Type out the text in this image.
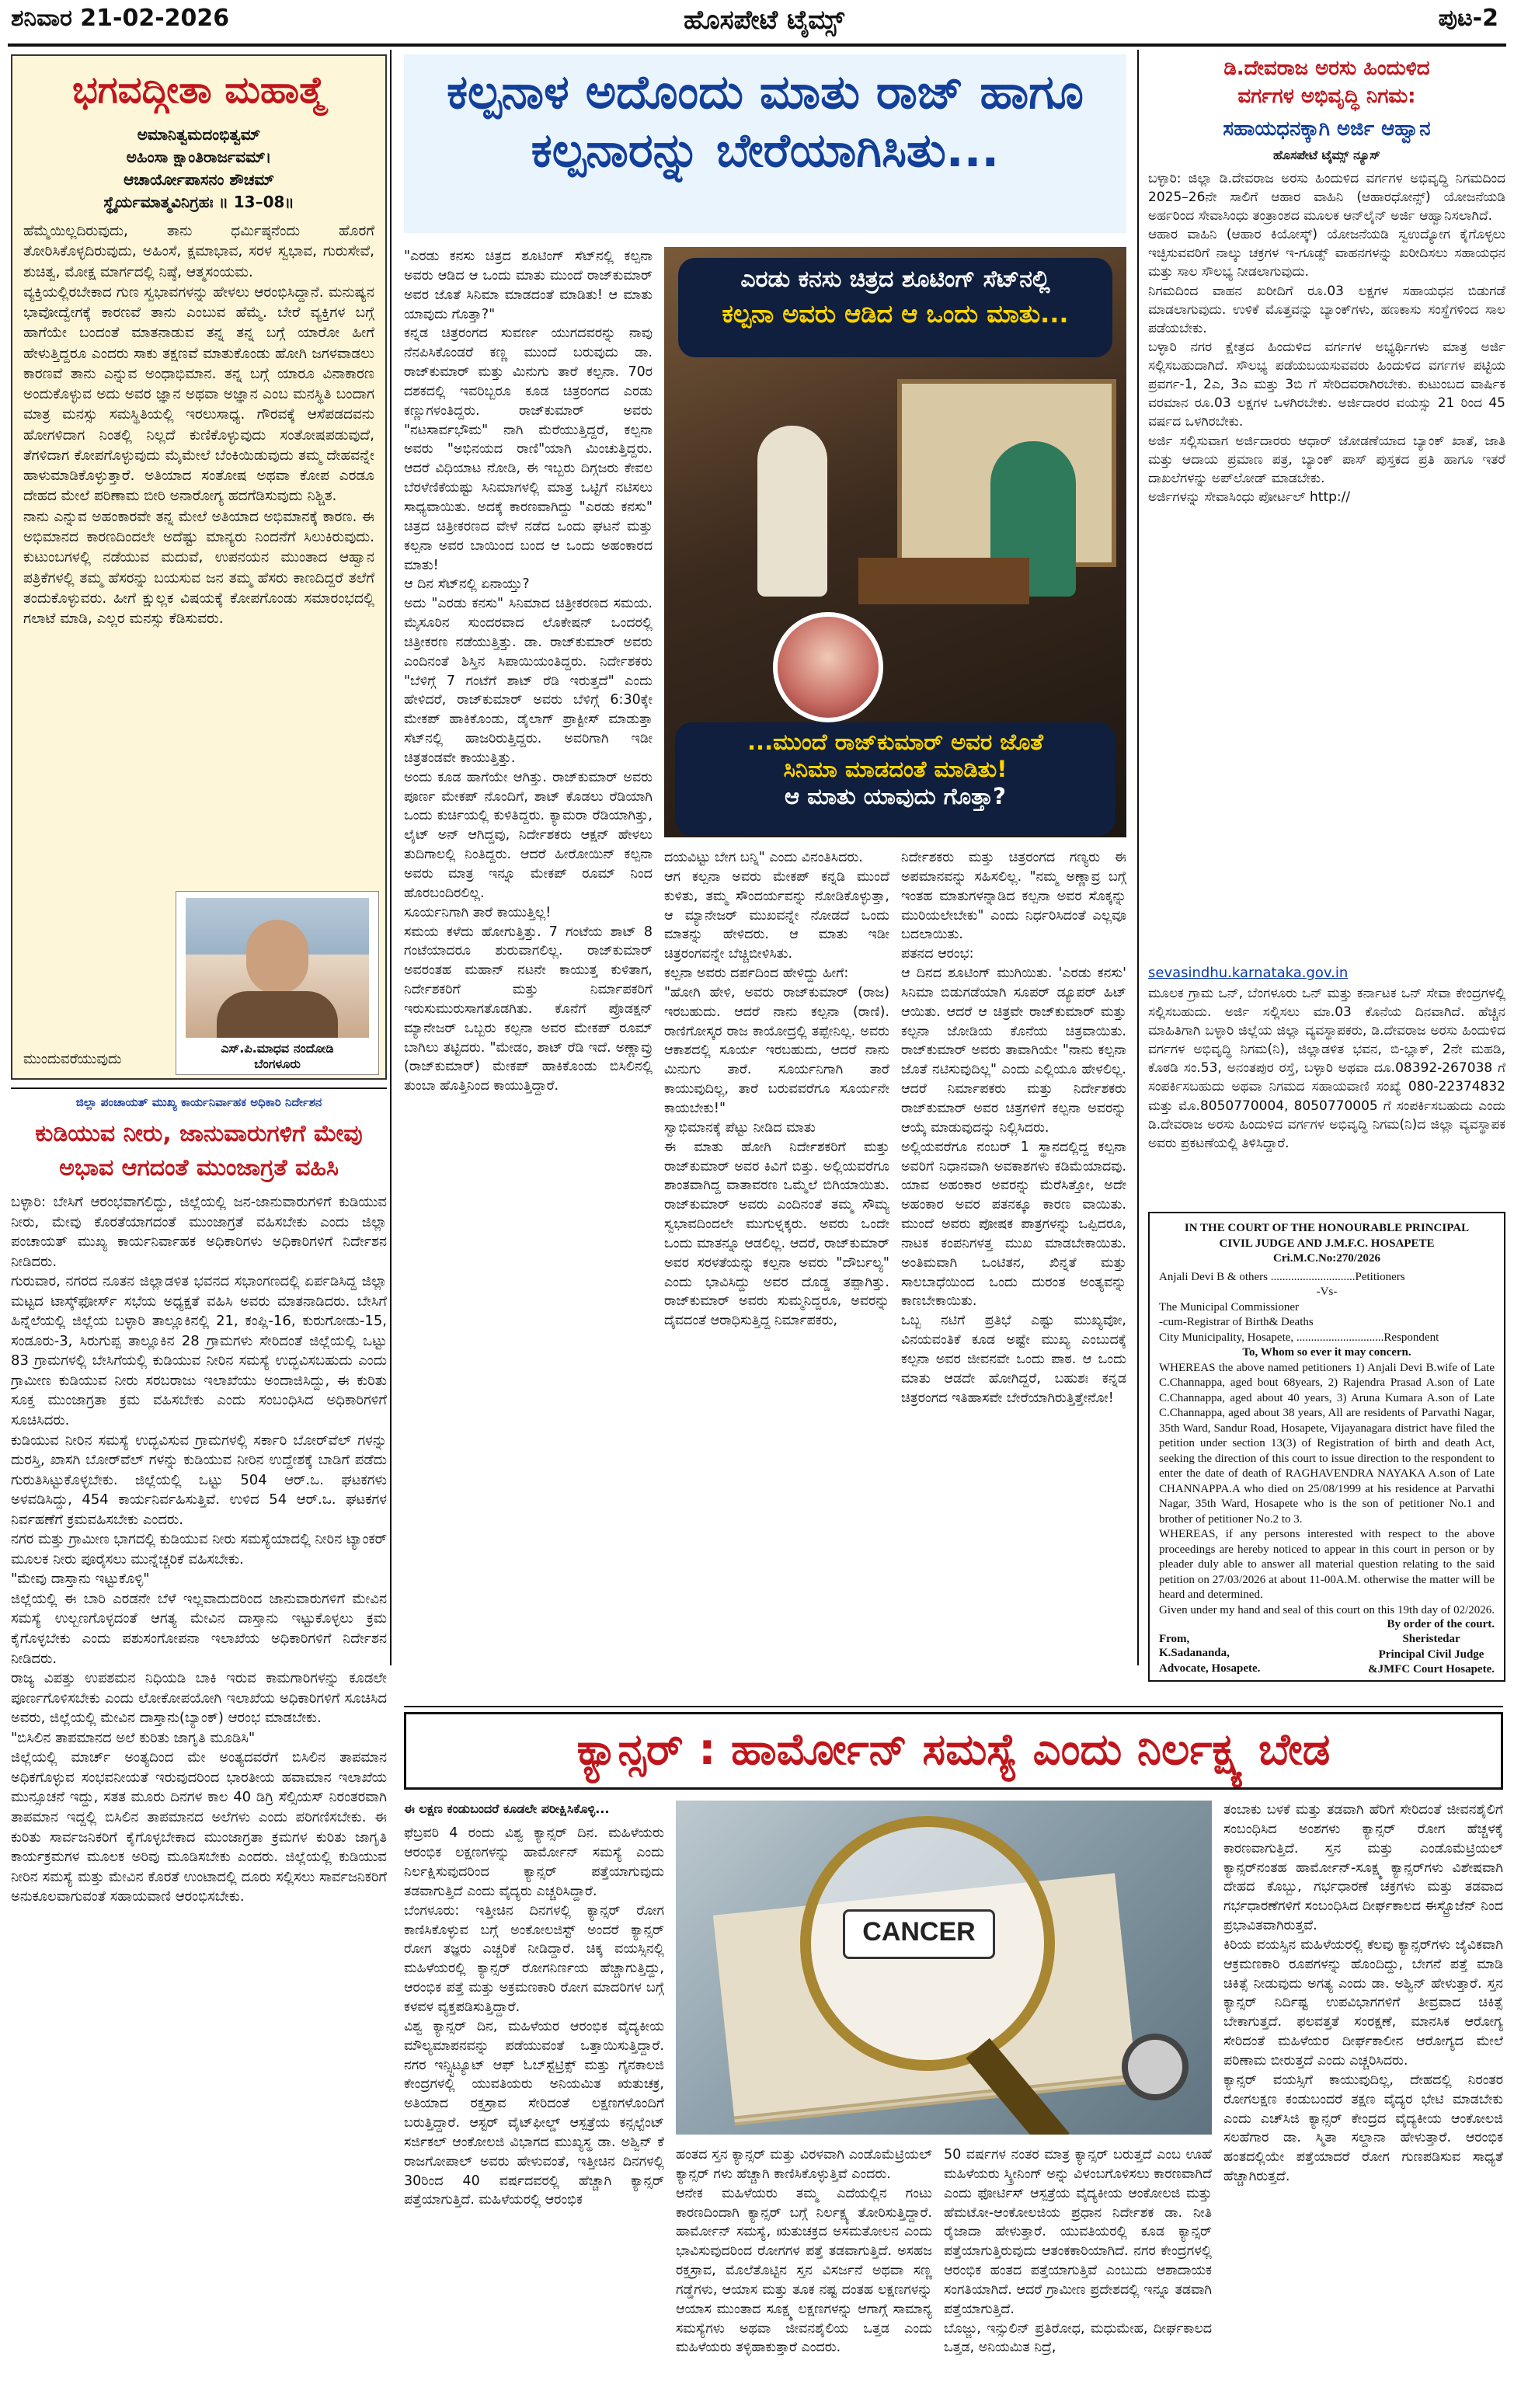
ಶನಿವಾರ 21-02-2026	ಹೊಸಪೇಟೆ ಟೈಮ್ಸ್	ಪುಟ-2
ಭಗವದ್ಗೀತಾ ಮಹಾತ್ಮೆ
ಅಮಾನಿತ್ವಮದಂಭಿತ್ವಮ್
ಅಹಿಂಸಾ ಕ್ಷಾಂತಿರಾರ್ಜವಮ್।
ಆಚಾರ್ಯೋಪಾಸನಂ ಶೌಚಮ್
ಸ್ಥೈರ್ಯಮಾತ್ಮವಿನಿಗ್ರಹಃ ॥ 13–08॥
ಹೆಮ್ಮೆಯಿಲ್ಲದಿರುವುದು, ತಾನು ಧರ್ಮಿಷ್ಠನೆಂದು ಹೊರಗೆ ತೋರಿಸಿಕೊಳ್ಳದಿರುವುದು, ಅಹಿಂಸೆ, ಕ್ಷಮಾಭಾವ, ಸರಳ ಸ್ವಭಾವ, ಗುರುಸೇವೆ, ಶುಚಿತ್ವ, ಮೋಕ್ಷ ಮಾರ್ಗದಲ್ಲಿ ನಿಷ್ಠೆ, ಆತ್ಮಸಂಯಮ.
ವ್ಯಕ್ತಿಯಲ್ಲಿರಬೇಕಾದ ಗುಣ ಸ್ವಭಾವಗಳನ್ನು ಹೇಳಲು ಆರಂಭಿಸಿದ್ದಾನೆ. ಮನುಷ್ಯನ ಭಾವೋದ್ವೇಗಕ್ಕೆ ಕಾರಣವೆ ತಾನು ಎಂಬುವ ಹೆಮ್ಮೆ. ಬೇರೆ ವ್ಯಕ್ತಿಗಳ ಬಗ್ಗೆ ಹಾಗೆಯೇ ಬಂದಂತೆ ಮಾತನಾಡುವ ತನ್ನ ತನ್ನ ಬಗ್ಗೆ ಯಾರೋ ಹೀಗೆ ಹೇಳುತ್ತಿದ್ದರೂ ಎಂದರು ಸಾಕು ತಕ್ಷಣವೆ ಮಾತುಕೊಂಡು ಹೋಗಿ ಜಗಳವಾಡಲು ಕಾರಣವೆ ತಾನು ಎನ್ನುವ ಅಂಧಾಭಿಮಾನ. ತನ್ನ ಬಗ್ಗೆ ಯಾರೂ ವಿನಾಕಾರಣ ಅಂದುಕೊಳ್ಳುವ ಅದು ಅವರ ಜ್ಞಾನ ಅಥವಾ ಅಜ್ಞಾನ ಎಂಬ ಮನಸ್ಥಿತಿ ಬಂದಾಗ ಮಾತ್ರ ಮನಸ್ಸು ಸಮಸ್ಥಿತಿಯಲ್ಲಿ ಇರಲುಸಾಧ್ಯ. ಗೌರವಕ್ಕೆ ಆಸೆಪಡದವನು ಹೋಗಳಿದಾಗ ನಿಂತಲ್ಲಿ ನಿಲ್ಲದೆ ಕುಣಿಕೊಳ್ಳುವುದು ಸಂತೋಷಪಡುವುದೆ, ತೆಗಳಿದಾಗ ಕೋಪಗೊಳ್ಳುವುದು ಮೈಮೇಲೆ ಬೆಂಕಿಯಿಡುವುದು ತಮ್ಮ ದೇಹವನ್ನೇ ಹಾಳುಮಾಡಿಕೊಳ್ಳುತ್ತಾರೆ. ಅತಿಯಾದ ಸಂತೋಷ ಅಥವಾ ಕೋಪ ಎರಡೂ ದೇಹದ ಮೇಲೆ ಪರಿಣಾಮ ಬೀರಿ ಅನಾರೋಗ್ಯ ಹದಗೆಡಿಸುವುದು ನಿಶ್ಚಿತ.
ನಾನು ಎನ್ನುವ ಅಹಂಕಾರವೇ ತನ್ನ ಮೇಲೆ ಅತಿಯಾದ ಅಭಿಮಾನಕ್ಕೆ ಕಾರಣ. ಈ ಅಭಿಮಾನದ ಕಾರಣದಿಂದಲೇ ಅದೆಷ್ಟು ಮಾನ್ಯರು ನಿಂದನೆಗೆ ಸಿಲುಕಿರುವುದು. ಕುಟುಂಬಗಳಲ್ಲಿ ನಡೆಯುವ ಮದುವೆ, ಉಪನಯನ ಮುಂತಾದ ಆಹ್ವಾನ ಪತ್ರಿಕೆಗಳಲ್ಲಿ ತಮ್ಮ ಹೆಸರನ್ನು ಬಯಸುವ ಜನ ತಮ್ಮ ಹೆಸರು ಕಾಣದಿದ್ದರೆ ತಲೆಗೆ ತಂದುಕೊಳ್ಳುವರು. ಹೀಗೆ ಕ್ಷುಲ್ಲಕ ವಿಷಯಕ್ಕೆ ಕೋಪಗೊಂಡು ಸಮಾರಂಭದಲ್ಲಿ ಗಲಾಟೆ ಮಾಡಿ, ಎಲ್ಲರ ಮನಸ್ಸು ಕೆಡಿಸುವರು.
ಎಸ್.ಪಿ.ಮಾಧವ ನಂದೋಡಿ
ಬೆಂಗಳೂರು
ಮುಂದುವರೆಯುವುದು
ಜಿಲ್ಲಾ ಪಂಚಾಯತ್ ಮುಖ್ಯ ಕಾರ್ಯನಿರ್ವಾಹಕ ಅಧಿಕಾರಿ ನಿರ್ದೇಶನ
ಕುಡಿಯುವ ನೀರು, ಜಾನುವಾರುಗಳಿಗೆ ಮೇವು ಅಭಾವ ಆಗದಂತೆ ಮುಂಜಾಗ್ರತೆ ವಹಿಸಿ
ಬಳ್ಳಾರಿ: ಬೇಸಿಗೆ ಆರಂಭವಾಗಲಿದ್ದು, ಜಿಲ್ಲೆಯಲ್ಲಿ ಜನ-ಜಾನುವಾರುಗಳಿಗೆ ಕುಡಿಯುವ ನೀರು, ಮೇವು ಕೊರತೆಯಾಗದಂತೆ ಮುಂಜಾಗ್ರತೆ ವಹಿಸಬೇಕು ಎಂದು ಜಿಲ್ಲಾ ಪಂಚಾಯತ್ ಮುಖ್ಯ ಕಾರ್ಯನಿರ್ವಾಹಕ ಅಧಿಕಾರಿಗಳು ಅಧಿಕಾರಿಗಳಿಗೆ ನಿರ್ದೇಶನ ನೀಡಿದರು.
ಗುರುವಾರ, ನಗರದ ನೂತನ ಜಿಲ್ಲಾಡಳಿತ ಭವನದ ಸಭಾಂಗಣದಲ್ಲಿ ಏರ್ಪಡಿಸಿದ್ದ ಜಿಲ್ಲಾ ಮಟ್ಟದ ಟಾಸ್ಕ್‌ಫೋರ್ಸ್ ಸಭೆಯ ಅಧ್ಯಕ್ಷತೆ ವಹಿಸಿ ಅವರು ಮಾತನಾಡಿದರು. ಬೇಸಿಗೆ ಹಿನ್ನೆಲೆಯಲ್ಲಿ ಜಿಲ್ಲೆಯ ಬಳ್ಳಾರಿ ತಾಲ್ಲೂಕಿನಲ್ಲಿ 21, ಕಂಪ್ಲಿ-16, ಕುರುಗೋಡು-15, ಸಂಡೂರು-3, ಸಿರುಗುಪ್ಪ ತಾಲ್ಲೂಕಿನ 28 ಗ್ರಾಮಗಳು ಸೇರಿದಂತೆ ಜಿಲ್ಲೆಯಲ್ಲಿ ಒಟ್ಟು 83 ಗ್ರಾಮಗಳಲ್ಲಿ ಬೇಸಿಗೆಯಲ್ಲಿ ಕುಡಿಯುವ ನೀರಿನ ಸಮಸ್ಯೆ ಉದ್ಭವಿಸಬಹುದು ಎಂದು ಗ್ರಾಮೀಣ ಕುಡಿಯುವ ನೀರು ಸರಬರಾಜು ಇಲಾಖೆಯು ಅಂದಾಜಿಸಿದ್ದು, ಈ ಕುರಿತು ಸೂಕ್ತ ಮುಂಜಾಗ್ರತಾ ಕ್ರಮ ವಹಿಸಬೇಕು ಎಂದು ಸಂಬಂಧಿಸಿದ ಅಧಿಕಾರಿಗಳಿಗೆ ಸೂಚಿಸಿದರು.
ಕುಡಿಯುವ ನೀರಿನ ಸಮಸ್ಯೆ ಉದ್ಭವಿಸುವ ಗ್ರಾಮಗಳಲ್ಲಿ ಸರ್ಕಾರಿ ಬೋರ್‌ವೆಲ್ ಗಳನ್ನು ದುರಸ್ತಿ, ಖಾಸಗಿ ಬೋರ್‌ವೆಲ್ ಗಳನ್ನು ಕುಡಿಯುವ ನೀರಿನ ಉದ್ದೇಶಕ್ಕೆ ಬಾಡಿಗೆ ಪಡೆದು ಗುರುತಿಸಿಟ್ಟುಕೊಳ್ಳಬೇಕು. ಜಿಲ್ಲೆಯಲ್ಲಿ ಒಟ್ಟು 504 ಆರ್.ಒ. ಘಟಕಗಳು ಅಳವಡಿಸಿದ್ದು, 454 ಕಾರ್ಯನಿರ್ವಹಿಸುತ್ತಿವೆ. ಉಳಿದ 54 ಆರ್.ಒ. ಘಟಕಗಳ ನಿರ್ವಹಣೆಗೆ ಕ್ರಮವಹಿಸಬೇಕು ಎಂದರು.
ನಗರ ಮತ್ತು ಗ್ರಾಮೀಣ ಭಾಗದಲ್ಲಿ ಕುಡಿಯುವ ನೀರು ಸಮಸ್ಯೆಯಾದಲ್ಲಿ ನೀರಿನ ಟ್ಯಾಂಕರ್ ಮೂಲಕ ನೀರು ಪೂರೈಸಲು ಮುನ್ನೆಚ್ಚರಿಕೆ ವಹಿಸಬೇಕು.
"ಮೇವು ದಾಸ್ತಾನು ಇಟ್ಟುಕೊಳ್ಳಿ"
ಜಿಲ್ಲೆಯಲ್ಲಿ ಈ ಬಾರಿ ಎರಡನೇ ಬೆಳೆ ಇಲ್ಲವಾದುದರಿಂದ ಜಾನುವಾರುಗಳಿಗೆ ಮೇವಿನ ಸಮಸ್ಯೆ ಉಲ್ಬಣಗೊಳ್ಳದಂತೆ ಆಗತ್ಯ ಮೇವಿನ ದಾಸ್ತಾನು ಇಟ್ಟುಕೊಳ್ಳಲು ಕ್ರಮ ಕೈಗೊಳ್ಳಬೇಕು ಎಂದು ಪಶುಸಂಗೋಪನಾ ಇಲಾಖೆಯ ಅಧಿಕಾರಿಗಳಿಗೆ ನಿರ್ದೇಶನ ನೀಡಿದರು.
ರಾಜ್ಯ ವಿಪತ್ತು ಉಪಶಮನ ನಿಧಿಯಡಿ ಬಾಕಿ ಇರುವ ಕಾಮಗಾರಿಗಳನ್ನು ಕೂಡಲೇ ಪೂರ್ಣಗೊಳಿಸಬೇಕು ಎಂದು ಲೋಕೋಪಯೋಗಿ ಇಲಾಖೆಯ ಅಧಿಕಾರಿಗಳಿಗೆ ಸೂಚಿಸಿದ ಅವರು, ಜಿಲ್ಲೆಯಲ್ಲಿ ಮೇವಿನ ದಾಸ್ತಾನು(ಬ್ಯಾಂಕ್) ಆರಂಭ ಮಾಡಬೇಕು.
"ಬಿಸಿಲಿನ ತಾಪಮಾನದ ಅಲೆ ಕುರಿತು ಜಾಗೃತಿ ಮೂಡಿಸಿ"
ಜಿಲ್ಲೆಯಲ್ಲಿ ಮಾರ್ಚ್ ಅಂತ್ಯದಿಂದ ಮೇ ಅಂತ್ಯದವರೆಗೆ ಬಿಸಿಲಿನ ತಾಪಮಾನ ಅಧಿಕಗೊಳ್ಳುವ ಸಂಭವನೀಯತೆ ಇರುವುದರಿಂದ ಭಾರತೀಯ ಹವಾಮಾನ ಇಲಾಖೆಯ ಮುನ್ಸೂಚನೆ ಇದ್ದು, ಸತತ ಮೂರು ದಿನಗಳ ಕಾಲ 40 ಡಿಗ್ರಿ ಸೆಲ್ಸಿಯಸ್ ನಿರಂತರವಾಗಿ ತಾಪಮಾನ ಇದ್ದಲ್ಲಿ ಬಿಸಿಲಿನ ತಾಪಮಾನದ ಅಲೆಗಳು ಎಂದು ಪರಿಗಣಿಸಬೇಕು. ಈ ಕುರಿತು ಸಾರ್ವಜನಿಕರಿಗೆ ಕೈಗೊಳ್ಳಬೇಕಾದ ಮುಂಜಾಗ್ರತಾ ಕ್ರಮಗಳ ಕುರಿತು ಜಾಗೃತಿ ಕಾರ್ಯಕ್ರಮಗಳ ಮೂಲಕ ಅರಿವು ಮೂಡಿಸಬೇಕು ಎಂದರು. ಜಿಲ್ಲೆಯಲ್ಲಿ ಕುಡಿಯುವ ನೀರಿನ ಸಮಸ್ಯೆ ಮತ್ತು ಮೇವಿನ ಕೊರತೆ ಉಂಟಾದಲ್ಲಿ ದೂರು ಸಲ್ಲಿಸಲು ಸಾರ್ವಜನಿಕರಿಗೆ ಅನುಕೂಲವಾಗುವಂತೆ ಸಹಾಯವಾಣಿ ಆರಂಭಿಸಬೇಕು.
ಕಲ್ಪನಾಳ ಅದೊಂದು ಮಾತು ರಾಜ್ ಹಾಗೂ ಕಲ್ಪನಾರನ್ನು ಬೇರೆಯಾಗಿಸಿತು...
"ಎರಡು ಕನಸು ಚಿತ್ರದ ಶೂಟಿಂಗ್ ಸೆಟ್‌ನಲ್ಲಿ ಕಲ್ಪನಾ ಅವರು ಆಡಿದ ಆ ಒಂದು ಮಾತು ಮುಂದೆ ರಾಜ್‌ಕುಮಾರ್ ಅವರ ಜೊತೆ ಸಿನಿಮಾ ಮಾಡದಂತೆ ಮಾಡಿತು! ಆ ಮಾತು ಯಾವುದು ಗೊತ್ತಾ?"
ಕನ್ನಡ ಚಿತ್ರರಂಗದ ಸುವರ್ಣ ಯುಗದವರನ್ನು ನಾವು ನೆನಪಿಸಿಕೊಂಡರೆ ಕಣ್ಣ ಮುಂದೆ ಬರುವುದು ಡಾ. ರಾಜ್‌ಕುಮಾರ್ ಮತ್ತು ಮಿನುಗು ತಾರೆ ಕಲ್ಪನಾ. 70ರ ದಶಕದಲ್ಲಿ ಇವರಿಬ್ಬರೂ ಕೂಡ ಚಿತ್ರರಂಗದ ಎರಡು ಕಣ್ಣುಗಳಂತಿದ್ದರು. ರಾಜ್‌ಕುಮಾರ್ ಅವರು "ನಟಸಾರ್ವಭೌಮ" ನಾಗಿ ಮೆರೆಯುತ್ತಿದ್ದರೆ, ಕಲ್ಪನಾ ಅವರು "ಅಭಿನಯದ ರಾಣಿ"ಯಾಗಿ ಮಿಂಚುತ್ತಿದ್ದರು. ಆದರೆ ವಿಧಿಯಾಟ ನೋಡಿ, ಈ ಇಬ್ಬರು ದಿಗ್ಗಜರು ಕೇವಲ ಬೆರಳೆಣಿಕೆಯಷ್ಟು ಸಿನಿಮಾಗಳಲ್ಲಿ ಮಾತ್ರ ಒಟ್ಟಿಗೆ ನಟಿಸಲು ಸಾಧ್ಯವಾಯಿತು. ಅದಕ್ಕೆ ಕಾರಣವಾಗಿದ್ದು "ಎರಡು ಕನಸು" ಚಿತ್ರದ ಚಿತ್ರೀಕರಣದ ವೇಳೆ ನಡೆದ ಒಂದು ಘಟನೆ ಮತ್ತು ಕಲ್ಪನಾ ಅವರ ಬಾಯಿಂದ ಬಂದ ಆ ಒಂದು ಅಹಂಕಾರದ ಮಾತು!
ಆ ದಿನ ಸೆಟ್‌ನಲ್ಲಿ ಏನಾಯ್ತು?
ಅದು "ಎರಡು ಕನಸು" ಸಿನಿಮಾದ ಚಿತ್ರೀಕರಣದ ಸಮಯ. ಮೈಸೂರಿನ ಸುಂದರವಾದ ಲೊಕೇಷನ್ ಒಂದರಲ್ಲಿ ಚಿತ್ರೀಕರಣ ನಡೆಯುತ್ತಿತ್ತು. ಡಾ. ರಾಜ್‌ಕುಮಾರ್ ಅವರು ಎಂದಿನಂತೆ ಶಿಸ್ತಿನ ಸಿಪಾಯಿಯಂತಿದ್ದರು. ನಿರ್ದೇಶಕರು "ಬೆಳಿಗ್ಗೆ 7 ಗಂಟೆಗೆ ಶಾಟ್ ರೆಡಿ ಇರುತ್ತದೆ" ಎಂದು ಹೇಳಿದರೆ, ರಾಜ್‌ಕುಮಾರ್ ಅವರು ಬೆಳಿಗ್ಗೆ 6:30ಕ್ಕೇ ಮೇಕಪ್ ಹಾಕಿಕೊಂಡು, ಡೈಲಾಗ್ ಪ್ರಾಕ್ಟೀಸ್ ಮಾಡುತ್ತಾ ಸೆಟ್‌ನಲ್ಲಿ ಹಾಜರಿರುತ್ತಿದ್ದರು. ಅವರಿಗಾಗಿ ಇಡೀ ಚಿತ್ರತಂಡವೇ ಕಾಯುತ್ತಿತ್ತು.
ಅಂದು ಕೂಡ ಹಾಗೆಯೇ ಆಗಿತ್ತು. ರಾಜ್‌ಕುಮಾರ್ ಅವರು ಪೂರ್ಣ ಮೇಕಪ್ ನೊಂದಿಗೆ, ಶಾಟ್ ಕೊಡಲು ರೆಡಿಯಾಗಿ ಒಂದು ಕುರ್ಚಿಯಲ್ಲಿ ಕುಳಿತಿದ್ದರು. ಕ್ಯಾಮರಾ ರೆಡಿಯಾಗಿತ್ತು, ಲೈಟ್ ಅನ್ ಆಗಿದ್ದವು, ನಿರ್ದೇಶಕರು ಆಕ್ಷನ್ ಹೇಳಲು ತುದಿಗಾಲಲ್ಲಿ ನಿಂತಿದ್ದರು. ಆದರೆ ಹೀರೋಯಿನ್ ಕಲ್ಪನಾ ಅವರು ಮಾತ್ರ ಇನ್ನೂ ಮೇಕಪ್ ರೂಮ್ ನಿಂದ ಹೊರಬಂದಿರಲಿಲ್ಲ.
ಸೂರ್ಯನಿಗಾಗಿ ತಾರೆ ಕಾಯುತ್ತಿಲ್ಲ!
ಸಮಯ ಕಳೆದು ಹೋಗುತ್ತಿತ್ತು. 7 ಗಂಟೆಯ ಶಾಟ್ 8 ಗಂಟೆಯಾದರೂ ಶುರುವಾಗಲಿಲ್ಲ. ರಾಜ್‌ಕುಮಾರ್ ಅವರಂತಹ ಮಹಾನ್ ನಟನೇ ಕಾಯುತ್ತ ಕುಳಿತಾಗ, ನಿರ್ದೇಶಕರಿಗೆ ಮತ್ತು ನಿರ್ಮಾಪಕರಿಗೆ ಇರುಸುಮುರುಸಾಗತೊಡಗಿತು. ಕೊನೆಗೆ ಪ್ರೊಡಕ್ಷನ್ ಮ್ಯಾನೇಜರ್ ಒಬ್ಬರು ಕಲ್ಪನಾ ಅವರ ಮೇಕಪ್ ರೂಮ್ ಬಾಗಿಲು ತಟ್ಟಿದರು. "ಮೇಡಂ, ಶಾಟ್ ರೆಡಿ ಇದೆ. ಅಣ್ಣಾವ್ರು (ರಾಜ್‌ಕುಮಾರ್) ಮೇಕಪ್ ಹಾಕಿಕೊಂಡು ಬಿಸಿಲಿನಲ್ಲಿ ತುಂಬಾ ಹೊತ್ತಿನಿಂದ ಕಾಯುತ್ತಿದ್ದಾರೆ.
ಎರಡು ಕನಸು ಚಿತ್ರದ ಶೂಟಿಂಗ್ ಸೆಟ್‌ನಲ್ಲಿ
ಕಲ್ಪನಾ ಅವರು ಆಡಿದ ಆ ಒಂದು ಮಾತು...
...ಮುಂದೆ ರಾಜ್‌ಕುಮಾರ್ ಅವರ ಜೊತೆ
ಸಿನಿಮಾ ಮಾಡದಂತೆ ಮಾಡಿತು!
ಆ ಮಾತು ಯಾವುದು ಗೊತ್ತಾ?
ದಯವಿಟ್ಟು ಬೇಗ ಬನ್ನಿ" ಎಂದು ವಿನಂತಿಸಿದರು.
ಆಗ ಕಲ್ಪನಾ ಅವರು ಮೇಕಪ್ ಕನ್ನಡಿ ಮುಂದೆ ಕುಳಿತು, ತಮ್ಮ ಸೌಂದರ್ಯವನ್ನು ನೋಡಿಕೊಳ್ಳುತ್ತಾ, ಆ ಮ್ಯಾನೇಜರ್ ಮುಖವನ್ನೇ ನೋಡದೆ ಒಂದು ಮಾತನ್ನು ಹೇಳಿದರು. ಆ ಮಾತು ಇಡೀ ಚಿತ್ರರಂಗವನ್ನೇ ಬೆಚ್ಚಿಬೀಳಿಸಿತು.
ಕಲ್ಪನಾ ಅವರು ದರ್ಪದಿಂದ ಹೇಳಿದ್ದು ಹೀಗೆ:
"ಹೋಗಿ ಹೇಳಿ, ಅವರು ರಾಜ್‌ಕುಮಾರ್ (ರಾಜ) ಇರಬಹುದು. ಆದರೆ ನಾನು ಕಲ್ಪನಾ (ರಾಣಿ). ರಾಣಿಗೋಸ್ಕರ ರಾಜ ಕಾಯೋದ್ರಲ್ಲಿ ತಪ್ಪೇನಿಲ್ಲ. ಅವರು ಆಕಾಶದಲ್ಲಿ ಸೂರ್ಯ ಇರಬಹುದು, ಆದರೆ ನಾನು ಮಿನುಗು ತಾರೆ. ಸೂರ್ಯನಿಗಾಗಿ ತಾರೆ ಕಾಯುವುದಿಲ್ಲ, ತಾರೆ ಬರುವವರೆಗೂ ಸೂರ್ಯನೇ ಕಾಯಬೇಕು!"
ಸ್ವಾಭಿಮಾನಕ್ಕೆ ಪೆಟ್ಟು ನೀಡಿದ ಮಾತು
ಈ ಮಾತು ಹೋಗಿ ನಿರ್ದೇಶಕರಿಗೆ ಮತ್ತು ರಾಜ್‌ಕುಮಾರ್ ಅವರ ಕಿವಿಗೆ ಬಿತ್ತು. ಅಲ್ಲಿಯವರೆಗೂ ಶಾಂತವಾಗಿದ್ದ ವಾತಾವರಣ ಒಮ್ಮೆಲೆ ಬಿಗಿಯಾಯಿತು. ರಾಜ್‌ಕುಮಾರ್ ಅವರು ಎಂದಿನಂತೆ ತಮ್ಮ ಸೌಮ್ಯ ಸ್ವಭಾವದಿಂದಲೇ ಮುಗುಳ್ನಕ್ಕರು. ಅವರು ಒಂದೇ ಒಂದು ಮಾತನ್ನೂ ಆಡಲಿಲ್ಲ. ಆದರೆ, ರಾಜ್‌ಕುಮಾರ್ ಅವರ ಸರಳತೆಯನ್ನು ಕಲ್ಪನಾ ಅವರು "ದೌರ್ಬಲ್ಯ" ಎಂದು ಭಾವಿಸಿದ್ದು ಅವರ ದೊಡ್ಡ ತಪ್ಪಾಗಿತ್ತು. ರಾಜ್‌ಕುಮಾರ್ ಅವರು ಸುಮ್ಮನಿದ್ದರೂ, ಅವರನ್ನು ದೈವದಂತೆ ಆರಾಧಿಸುತ್ತಿದ್ದ ನಿರ್ಮಾಪಕರು,
ನಿರ್ದೇಶಕರು ಮತ್ತು ಚಿತ್ರರಂಗದ ಗಣ್ಯರು ಈ ಅಪಮಾನವನ್ನು ಸಹಿಸಲಿಲ್ಲ. "ನಮ್ಮ ಅಣ್ಣಾವ್ರ ಬಗ್ಗೆ ಇಂತಹ ಮಾತುಗಳನ್ನಾಡಿದ ಕಲ್ಪನಾ ಅವರ ಸೊಕ್ಕನ್ನು ಮುರಿಯಲೇಬೇಕು" ಎಂದು ನಿರ್ಧರಿಸಿದಂತೆ ಎಲ್ಲವೂ ಬದಲಾಯಿತು.
ಪತನದ ಆರಂಭ:
ಆ ದಿನದ ಶೂಟಿಂಗ್ ಮುಗಿಯಿತು. 'ಎರಡು ಕನಸು' ಸಿನಿಮಾ ಬಿಡುಗಡೆಯಾಗಿ ಸೂಪರ್ ಡ್ಯೂಪರ್ ಹಿಟ್ ಆಯಿತು. ಆದರೆ ಆ ಚಿತ್ರವೇ ರಾಜ್‌ಕುಮಾರ್ ಮತ್ತು ಕಲ್ಪನಾ ಜೋಡಿಯ ಕೊನೆಯ ಚಿತ್ರವಾಯಿತು. ರಾಜ್‌ಕುಮಾರ್ ಅವರು ತಾವಾಗಿಯೇ "ನಾನು ಕಲ್ಪನಾ ಜೊತೆ ನಟಿಸುವುದಿಲ್ಲ" ಎಂದು ಎಲ್ಲಿಯೂ ಹೇಳಲಿಲ್ಲ. ಆದರೆ ನಿರ್ಮಾಪಕರು ಮತ್ತು ನಿರ್ದೇಶಕರು ರಾಜ್‌ಕುಮಾರ್ ಅವರ ಚಿತ್ರಗಳಿಗೆ ಕಲ್ಪನಾ ಅವರನ್ನು ಆಯ್ಕೆ ಮಾಡುವುದನ್ನು ನಿಲ್ಲಿಸಿದರು.
ಅಲ್ಲಿಯವರೆಗೂ ನಂಬರ್ 1 ಸ್ಥಾನದಲ್ಲಿದ್ದ ಕಲ್ಪನಾ ಅವರಿಗೆ ನಿಧಾನವಾಗಿ ಅವಕಾಶಗಳು ಕಡಿಮೆಯಾದವು. ಯಾವ ಅಹಂಕಾರ ಅವರನ್ನು ಮೆರೆಸಿತ್ತೋ, ಅದೇ ಅಹಂಕಾರ ಅವರ ಪತನಕ್ಕೂ ಕಾರಣ ವಾಯಿತು. ಮುಂದೆ ಅವರು ಪೋಷಕ ಪಾತ್ರಗಳನ್ನು ಒಪ್ಪಿದರೂ, ನಾಟಕ ಕಂಪನಿಗಳತ್ತ ಮುಖ ಮಾಡಬೇಕಾಯಿತು. ಅಂತಿಮವಾಗಿ ಒಂಟಿತನ, ಖಿನ್ನತೆ ಮತ್ತು ಸಾಲಬಾಧೆಯಿಂದ ಒಂದು ದುರಂತ ಅಂತ್ಯವನ್ನು ಕಾಣಬೇಕಾಯಿತು.
ಒಬ್ಬ ನಟಿಗೆ ಪ್ರತಿಭೆ ಎಷ್ಟು ಮುಖ್ಯವೋ, ವಿನಯವಂತಿಕೆ ಕೂಡ ಅಷ್ಟೇ ಮುಖ್ಯ ಎಂಬುದಕ್ಕೆ ಕಲ್ಪನಾ ಅವರ ಜೀವನವೇ ಒಂದು ಪಾಠ. ಆ ಒಂದು ಮಾತು ಆಡದೇ ಹೋಗಿದ್ದರೆ, ಬಹುಶಃ ಕನ್ನಡ ಚಿತ್ರರಂಗದ ಇತಿಹಾಸವೇ ಬೇರೆಯಾಗಿರುತ್ತಿತ್ತೇನೋ!
ಡಿ.ದೇವರಾಜ ಅರಸು ಹಿಂದುಳಿದ
ವರ್ಗಗಳ ಅಭಿವೃದ್ಧಿ ನಿಗಮ:
ಸಹಾಯಧನಕ್ಕಾಗಿ ಅರ್ಜಿ ಆಹ್ವಾನ
ಹೊಸಪೇಟೆ ಟೈಮ್ಸ್ ನ್ಯೂಸ್
ಬಳ್ಳಾರಿ: ಜಿಲ್ಲಾ ಡಿ.ದೇವರಾಜ ಅರಸು ಹಿಂದುಳಿದ ವರ್ಗಗಳ ಅಭಿವೃದ್ಧಿ ನಿಗಮದಿಂದ 2025–26ನೇ ಸಾಲಿಗೆ ಆಹಾರ ವಾಹಿನಿ (ಆಹಾರಧೋನ್ಸ್) ಯೋಜನೆಯಡಿ ಅರ್ಹರಿಂದ ಸೇವಾಸಿಂಧು ತಂತ್ರಾಂಶದ ಮೂಲಕ ಆನ್‌ಲೈನ್ ಅರ್ಜಿ ಆಹ್ವಾನಿಸಲಾಗಿದೆ.
ಆಹಾರ ವಾಹಿನಿ (ಆಹಾರ ಕಿಯೋಸ್ಕ್) ಯೋಜನೆಯಡಿ ಸ್ವಉದ್ಯೋಗ ಕೈಗೊಳ್ಳಲು ಇಚ್ಛಿಸುವವರಿಗೆ ನಾಲ್ಕು ಚಕ್ರಗಳ ಇ-ಗೂಡ್ಸ್ ವಾಹನಗಳನ್ನು ಖರೀದಿಸಲು ಸಹಾಯಧನ ಮತ್ತು ಸಾಲ ಸೌಲಭ್ಯ ನೀಡಲಾಗುವುದು.
ನಿಗಮದಿಂದ ವಾಹನ ಖರೀದಿಗೆ ರೂ.03 ಲಕ್ಷಗಳ ಸಹಾಯಧನ ಬಿಡುಗಡೆ ಮಾಡಲಾಗುವುದು. ಉಳಿಕೆ ಮೊತ್ತವನ್ನು ಬ್ಯಾಂಕ್‌ಗಳು, ಹಣಕಾಸು ಸಂಸ್ಥೆಗಳಿಂದ ಸಾಲ ಪಡೆಯಬೇಕು.
ಬಳ್ಳಾರಿ ನಗರ ಕ್ಷೇತ್ರದ ಹಿಂದುಳಿದ ವರ್ಗಗಳ ಅಭ್ಯರ್ಥಿಗಳು ಮಾತ್ರ ಅರ್ಜಿ ಸಲ್ಲಿಸಬಹುದಾಗಿದೆ. ಸೌಲಭ್ಯ ಪಡೆಯಬಯಸುವವರು ಹಿಂದುಳಿದ ವರ್ಗಗಳ ಪಟ್ಟಿಯ ಪ್ರವರ್ಗ-1, 2ಎ, 3ಎ ಮತ್ತು 3ಬಿ ಗೆ ಸೇರಿದವರಾಗಿರಬೇಕು. ಕುಟುಂಬದ ವಾರ್ಷಿಕ ವರಮಾನ ರೂ.03 ಲಕ್ಷಗಳ ಒಳಗಿರಬೇಕು. ಅರ್ಜಿದಾರರ ವಯಸ್ಸು 21 ರಿಂದ 45 ವರ್ಷದ ಒಳಗಿರಬೇಕು.
ಅರ್ಜಿ ಸಲ್ಲಿಸುವಾಗ ಅರ್ಜಿದಾರರು ಆಧಾರ್ ಜೋಡಣೆಯಾದ ಬ್ಯಾಂಕ್ ಖಾತೆ, ಜಾತಿ ಮತ್ತು ಆದಾಯ ಪ್ರಮಾಣ ಪತ್ರ, ಬ್ಯಾಂಕ್ ಪಾಸ್ ಪುಸ್ತಕದ ಪ್ರತಿ ಹಾಗೂ ಇತರೆ ದಾಖಲೆಗಳನ್ನು ಅಪ್‌ಲೋಡ್ ಮಾಡಬೇಕು.
ಅರ್ಜಿಗಳನ್ನು ಸೇವಾಸಿಂಧು ಪೋರ್ಟಲ್ http://
sevasindhu.karnataka.gov.in
ಮೂಲಕ ಗ್ರಾಮ ಒನ್, ಬೆಂಗಳೂರು ಒನ್ ಮತ್ತು ಕರ್ನಾಟಕ ಒನ್ ಸೇವಾ ಕೇಂದ್ರಗಳಲ್ಲಿ ಸಲ್ಲಿಸಬಹುದು. ಅರ್ಜಿ ಸಲ್ಲಿಸಲು ಮಾ.03 ಕೊನೆಯ ದಿನವಾಗಿದೆ. ಹೆಚ್ಚಿನ ಮಾಹಿತಿಗಾಗಿ ಬಳ್ಳಾರಿ ಜಿಲ್ಲೆಯ ಜಿಲ್ಲಾ ವ್ಯವಸ್ಥಾಪಕರು, ಡಿ.ದೇವರಾಜ ಅರಸು ಹಿಂದುಳಿದ ವರ್ಗಗಳ ಅಭಿವೃದ್ಧಿ ನಿಗಮ(ನಿ), ಜಿಲ್ಲಾಡಳಿತ ಭವನ, ಬಿ-ಬ್ಲಾಕ್, 2ನೇ ಮಹಡಿ, ಕೊಠಡಿ ಸಂ.53, ಅನಂತಪುರ ರಸ್ತೆ, ಬಳ್ಳಾರಿ ಅಥವಾ ದೂ.08392-267038 ಗೆ ಸಂಪರ್ಕಿಸಬಹುದು ಅಥವಾ ನಿಗಮದ ಸಹಾಯವಾಣಿ ಸಂಖ್ಯೆ 080-22374832 ಮತ್ತು ಮೊ.8050770004, 8050770005 ಗೆ ಸಂಪರ್ಕಿಸಬಹುದು ಎಂದು ಡಿ.ದೇವರಾಜ ಅರಸು ಹಿಂದುಳಿದ ವರ್ಗಗಳ ಅಭಿವೃದ್ಧಿ ನಿಗಮ(ನಿ)ದ ಜಿಲ್ಲಾ ವ್ಯವಸ್ಥಾಪಕ ಅವರು ಪ್ರಕಟಣೆಯಲ್ಲಿ ತಿಳಿಸಿದ್ದಾರೆ.
IN THE COURT OF THE HONOURABLE PRINCIPAL
CIVIL JUDGE AND J.M.F.C. HOSAPETE
Cri.M.C.No:270/2026
Anjali Devi B & others .............................Petitioners
-Vs-
The Municipal Commissioner
-cum-Registrar of Birth& Deaths
City Municipality, Hosapete, ..............................Respondent
To, Whom so ever it may concern.
WHEREAS the above named petitioners 1) Anjali Devi B.wife of Late C.Channappa, aged bout 68years, 2) Rajendra Prasad A.son of Late C.Channappa, aged about 40 years, 3) Aruna Kumara A.son of Late C.Channappa, aged about 38 years, All are residents of Parvathi Nagar, 35th Ward, Sandur Road, Hosapete, Vijayanagara district have filed the petition under section 13(3) of Registration of birth and death Act, seeking the direction of this court to issue direction to the respondent to enter the date of death of RAGHAVENDRA NAYAKA A.son of Late CHANNAPPA.A who died on 25/08/1999 at his residence at Parvathi Nagar, 35th Ward, Hosapete who is the son of petitioner No.1 and brother of petitioner No.2 to 3.
WHEREAS, if any persons interested with respect to the above proceedings are hereby noticed to appear in this court in person or by pleader duly able to answer all material question relating to the said petition on 27/03/2026 at about 11-00A.M. otherwise the matter will be heard and determined.
Given under my hand and seal of this court on this 19th day of 02/2026.
By order of the court.
From,
K.Sadananda,
Advocate, Hosapete.
Sheristedar
Principal Civil Judge
&JMFC Court Hosapete.
ಕ್ಯಾನ್ಸರ್ : ಹಾರ್ಮೋನ್ ಸಮಸ್ಯೆ ಎಂದು ನಿರ್ಲಕ್ಷ್ಯ ಬೇಡ
ಈ ಲಕ್ಷಣ ಕಂಡುಬಂದರೆ ಕೂಡಲೇ ಪರೀಕ್ಷಿಸಿಕೊಳ್ಳಿ...
ಫೆಬ್ರವರಿ 4 ರಂದು ವಿಶ್ವ ಕ್ಯಾನ್ಸರ್ ದಿನ. ಮಹಿಳೆಯರು ಆರಂಭಿಕ ಲಕ್ಷಣಗಳನ್ನು ಹಾರ್ಮೋನ್ ಸಮಸ್ಯೆ ಎಂದು ನಿರ್ಲಕ್ಷಿಸುವುದರಿಂದ ಕ್ಯಾನ್ಸರ್ ಪತ್ತೆಯಾಗುವುದು ತಡವಾಗುತ್ತಿದೆ ಎಂದು ವೈದ್ಯರು ಎಚ್ಚರಿಸಿದ್ದಾರೆ.
ಬೆಂಗಳೂರು: ಇತ್ತೀಚಿನ ದಿನಗಳಲ್ಲಿ ಕ್ಯಾನ್ಸರ್ ರೋಗ ಕಾಣಿಸಿಕೊಳ್ಳುವ ಬಗ್ಗೆ ಅಂಕೋಲಜಿಸ್ಟ್ ಅಂದರೆ ಕ್ಯಾನ್ಸರ್ ರೋಗ ತಜ್ಞರು ಎಚ್ಚರಿಕೆ ನೀಡಿದ್ದಾರೆ. ಚಿಕ್ಕ ವಯಸ್ಸಿನಲ್ಲಿ ಮಹಿಳೆಯರಲ್ಲಿ ಕ್ಯಾನ್ಸರ್ ರೋಗನಿರ್ಣಯ ಹೆಚ್ಚಾಗುತ್ತಿದ್ದು, ಆರಂಭಿಕ ಪತ್ತೆ ಮತ್ತು ಅಕ್ರಮಣಕಾರಿ ರೋಗ ಮಾದರಿಗಳ ಬಗ್ಗೆ ಕಳವಳ ವ್ಯಕ್ತಪಡಿಸುತ್ತಿದ್ದಾರೆ.
ವಿಶ್ವ ಕ್ಯಾನ್ಸರ್ ದಿನ, ಮಹಿಳೆಯರ ಆರಂಭಿಕ ವೈದ್ಯಕೀಯ ಮೌಲ್ಯಮಾಪನವನ್ನು ಪಡೆಯುವಂತೆ ಒತ್ತಾಯಿಸುತ್ತಿದ್ದಾರೆ. ನಗರ ಇನ್ಸ್ಟಿಟ್ಯೂಟ್ ಆಫ್ ಓಬ್‌ಸ್ಟೆಟ್ರಿಕ್ಸ್ ಮತ್ತು ಗೈನಕಾಲಜಿ ಕೇಂದ್ರಗಳಲ್ಲಿ ಯುವತಿಯರು ಅನಿಯಮಿತ ಋತುಚಕ್ರ, ಅತಿಯಾದ ರಕ್ತಸ್ರಾವ ಸೇರಿದಂತೆ ಲಕ್ಷಣಗಳೊಂದಿಗೆ ಬರುತ್ತಿದ್ದಾರೆ. ಆಸ್ಟರ್ ವೈಟ್‌ಫೀಲ್ಡ್ ಆಸ್ಪತ್ರೆಯ ಕನ್ಸಲ್ಟೆಂಟ್ ಸರ್ಜಿಕಲ್ ಆಂಕೋಲಜಿ ವಿಭಾಗದ ಮುಖ್ಯಸ್ಥ ಡಾ. ಅಶ್ವಿನ್ ಕೆ ರಾಜಗೋಪಾಲ್ ಅವರು ಹೇಳುವಂತೆ, ಇತ್ತೀಚಿನ ದಿನಗಳಲ್ಲಿ 30ರಿಂದ 40 ವರ್ಷದವರಲ್ಲಿ ಹೆಚ್ಚಾಗಿ ಕ್ಯಾನ್ಸರ್ ಪತ್ತೆಯಾಗುತ್ತಿದೆ. ಮಹಿಳೆಯರಲ್ಲಿ ಆರಂಭಿಕ
CANCER
ಹಂತದ ಸ್ತನ ಕ್ಯಾನ್ಸರ್ ಮತ್ತು ವಿರಳವಾಗಿ ಎಂಡೊಮೆಟ್ರಿಯಲ್ ಕ್ಯಾನ್ಸರ್ ಗಳು ಹೆಚ್ಚಾಗಿ ಕಾಣಿಸಿಕೊಳ್ಳುತ್ತಿವೆ ಎಂದರು.
ಆನೇಕ ಮಹಿಳೆಯರು ತಮ್ಮ ಎದೆಯಲ್ಲಿನ ಗಂಟು ಕಾರಣದಿಂದಾಗಿ ಕ್ಯಾನ್ಸರ್ ಬಗ್ಗೆ ನಿರ್ಲಕ್ಷ್ಯ ತೋರಿಸುತ್ತಿದ್ದಾರೆ. ಹಾರ್ಮೋನ್ ಸಮಸ್ಯೆ, ಋತುಚಕ್ರದ ಅಸಮತೋಲನ ಎಂದು ಭಾವಿಸುವುದರಿಂದ ರೋಗಗಳ ಪತ್ತೆ ತಡವಾಗುತ್ತಿದೆ. ಅಸಹಜ ರಕ್ತಸ್ರಾವ, ಮೊಲೆತೊಟ್ಟಿನ ಸ್ತನ ವಿಸರ್ಜನೆ ಅಥವಾ ಸಣ್ಣ ಗಡ್ಡೆಗಳು, ಆಯಾಸ ಮತ್ತು ತೂಕ ನಷ್ಟ ದಂತಹ ಲಕ್ಷಣಗಳನ್ನು ಆಯಾಸ ಮುಂತಾದ ಸೂಕ್ಷ್ಮ ಲಕ್ಷಣಗಳನ್ನು ಆಗಾಗ್ಗೆ ಸಾಮಾನ್ಯ ಸಮಸ್ಯೆಗಳು ಅಥವಾ ಜೀವನಶೈಲಿಯ ಒತ್ತಡ ಎಂದು ಮಹಿಳೆಯರು ತಳ್ಳಿಹಾಕುತ್ತಾರೆ ಎಂದರು.
50 ವರ್ಷಗಳ ನಂತರ ಮಾತ್ರ ಕ್ಯಾನ್ಸರ್ ಬರುತ್ತದೆ ಎಂಬ ಊಹೆ ಮಹಿಳೆಯರು ಸ್ಕ್ರೀನಿಂಗ್ ಅನ್ನು ವಿಳಂಬಗೊಳಿಸಲು ಕಾರಣವಾಗಿದೆ ಎಂದು ಫೋರ್ಟಿಸ್ ಆಸ್ಪತ್ರೆಯ ವೈದ್ಯಕೀಯ ಆಂಕೋಲಜಿ ಮತ್ತು ಹೆಮಟೋ-ಆಂಕೋಲಜಿಯ ಪ್ರಧಾನ ನಿರ್ದೇಶಕ ಡಾ. ನೀತಿ ರೈಜಾದಾ ಹೇಳುತ್ತಾರೆ. ಯುವತಿಯರಲ್ಲಿ ಕೂಡ ಕ್ಯಾನ್ಸರ್ ಪತ್ತೆಯಾಗುತ್ತಿರುವುದು ಆತಂಕಕಾರಿಯಾಗಿದೆ. ನಗರ ಕೇಂದ್ರಗಳಲ್ಲಿ ಆರಂಭಿಕ ಹಂತದ ಪತ್ತೆಯಾಗುತ್ತಿವೆ ಎಂಬುದು ಆಶಾದಾಯಕ ಸಂಗತಿಯಾಗಿದೆ. ಆದರೆ ಗ್ರಾಮೀಣ ಪ್ರದೇಶದಲ್ಲಿ ಇನ್ನೂ ತಡವಾಗಿ ಪತ್ತೆಯಾಗುತ್ತಿದೆ.
ಬೊಜ್ಜು, ಇನ್ಸುಲಿನ್ ಪ್ರತಿರೋಧ, ಮಧುಮೇಹ, ದೀರ್ಘಕಾಲದ ಒತ್ತಡ, ಅನಿಯಮಿತ ನಿದ್ರೆ,
ತಂಬಾಕು ಬಳಕೆ ಮತ್ತು ತಡವಾಗಿ ಹೆರಿಗೆ ಸೇರಿದಂತೆ ಜೀವನಶೈಲಿಗೆ ಸಂಬಂಧಿಸಿದ ಅಂಶಗಳು ಕ್ಯಾನ್ಸರ್ ರೋಗ ಹೆಚ್ಚಳಕ್ಕೆ ಕಾರಣವಾಗುತ್ತಿದೆ. ಸ್ತನ ಮತ್ತು ಎಂಡೊಮೆಟ್ರಿಯಲ್ ಕ್ಯಾನ್ಸರ್‌ನಂತಹ ಹಾರ್ಮೋನ್-ಸೂಕ್ಷ್ಮ ಕ್ಯಾನ್ಸರ್‌ಗಳು ವಿಶೇಷವಾಗಿ ದೇಹದ ಕೊಬ್ಬು, ಗರ್ಭಧಾರಣೆ ಚಕ್ರಗಳು ಮತ್ತು ತಡವಾದ ಗರ್ಭಧಾರಣೆಗಳಿಗೆ ಸಂಬಂಧಿಸಿದ ದೀರ್ಘಕಾಲದ ಈಸ್ಟ್ರೊಜೆನ್ ನಿಂದ ಪ್ರಭಾವಿತವಾಗಿರುತ್ತವೆ.
ಕಿರಿಯ ವಯಸ್ಸಿನ ಮಹಿಳೆಯರಲ್ಲಿ ಕೆಲವು ಕ್ಯಾನ್ಸರ್‌ಗಳು ಜೈವಿಕವಾಗಿ ಆಕ್ರಮಣಕಾರಿ ರೂಪಗಳನ್ನು ಹೊಂದಿದ್ದು, ಬೇಗನೆ ಪತ್ತೆ ಮಾಡಿ ಚಿಕಿತ್ಸೆ ನೀಡುವುದು ಅಗತ್ಯ ಎಂದು ಡಾ. ಅಶ್ವಿನ್ ಹೇಳುತ್ತಾರೆ. ಸ್ತನ ಕ್ಯಾನ್ಸರ್ ನಿರ್ದಿಷ್ಟ ಉಪವಿಭಾಗಗಳಿಗೆ ತೀವ್ರವಾದ ಚಿಕಿತ್ಸೆ ಬೇಕಾಗುತ್ತದೆ. ಫಲವತ್ತತೆ ಸಂರಕ್ಷಣೆ, ಮಾನಸಿಕ ಆರೋಗ್ಯ ಸೇರಿದಂತೆ ಮಹಿಳೆಯರ ದೀರ್ಘಕಾಲೀನ ಆರೋಗ್ಯದ ಮೇಲೆ ಪರಿಣಾಮ ಬೀರುತ್ತದೆ ಎಂದು ಎಚ್ಚರಿಸಿದರು.
ಕ್ಯಾನ್ಸರ್ ವಯಸ್ಸಿಗೆ ಕಾಯುವುದಿಲ್ಲ, ದೇಹದಲ್ಲಿ ನಿರಂತರ ರೋಗಲಕ್ಷಣ ಕಂಡುಬಂದರೆ ತಕ್ಷಣ ವೈದ್ಯರ ಭೇಟಿ ಮಾಡಬೇಕು ಎಂದು ಎಚ್‌ಸಿಜಿ ಕ್ಯಾನ್ಸರ್ ಕೇಂದ್ರದ ವೈದ್ಯಕೀಯ ಆಂಕೋಲಜಿ ಸಲಹೆಗಾರ ಡಾ. ಸ್ಮಿತಾ ಸಲ್ದಾನಾ ಹೇಳುತ್ತಾರೆ. ಆರಂಭಿಕ ಹಂತದಲ್ಲಿಯೇ ಪತ್ತೆಯಾದರೆ ರೋಗ ಗುಣಪಡಿಸುವ ಸಾಧ್ಯತೆ ಹೆಚ್ಚಾಗಿರುತ್ತದೆ.
